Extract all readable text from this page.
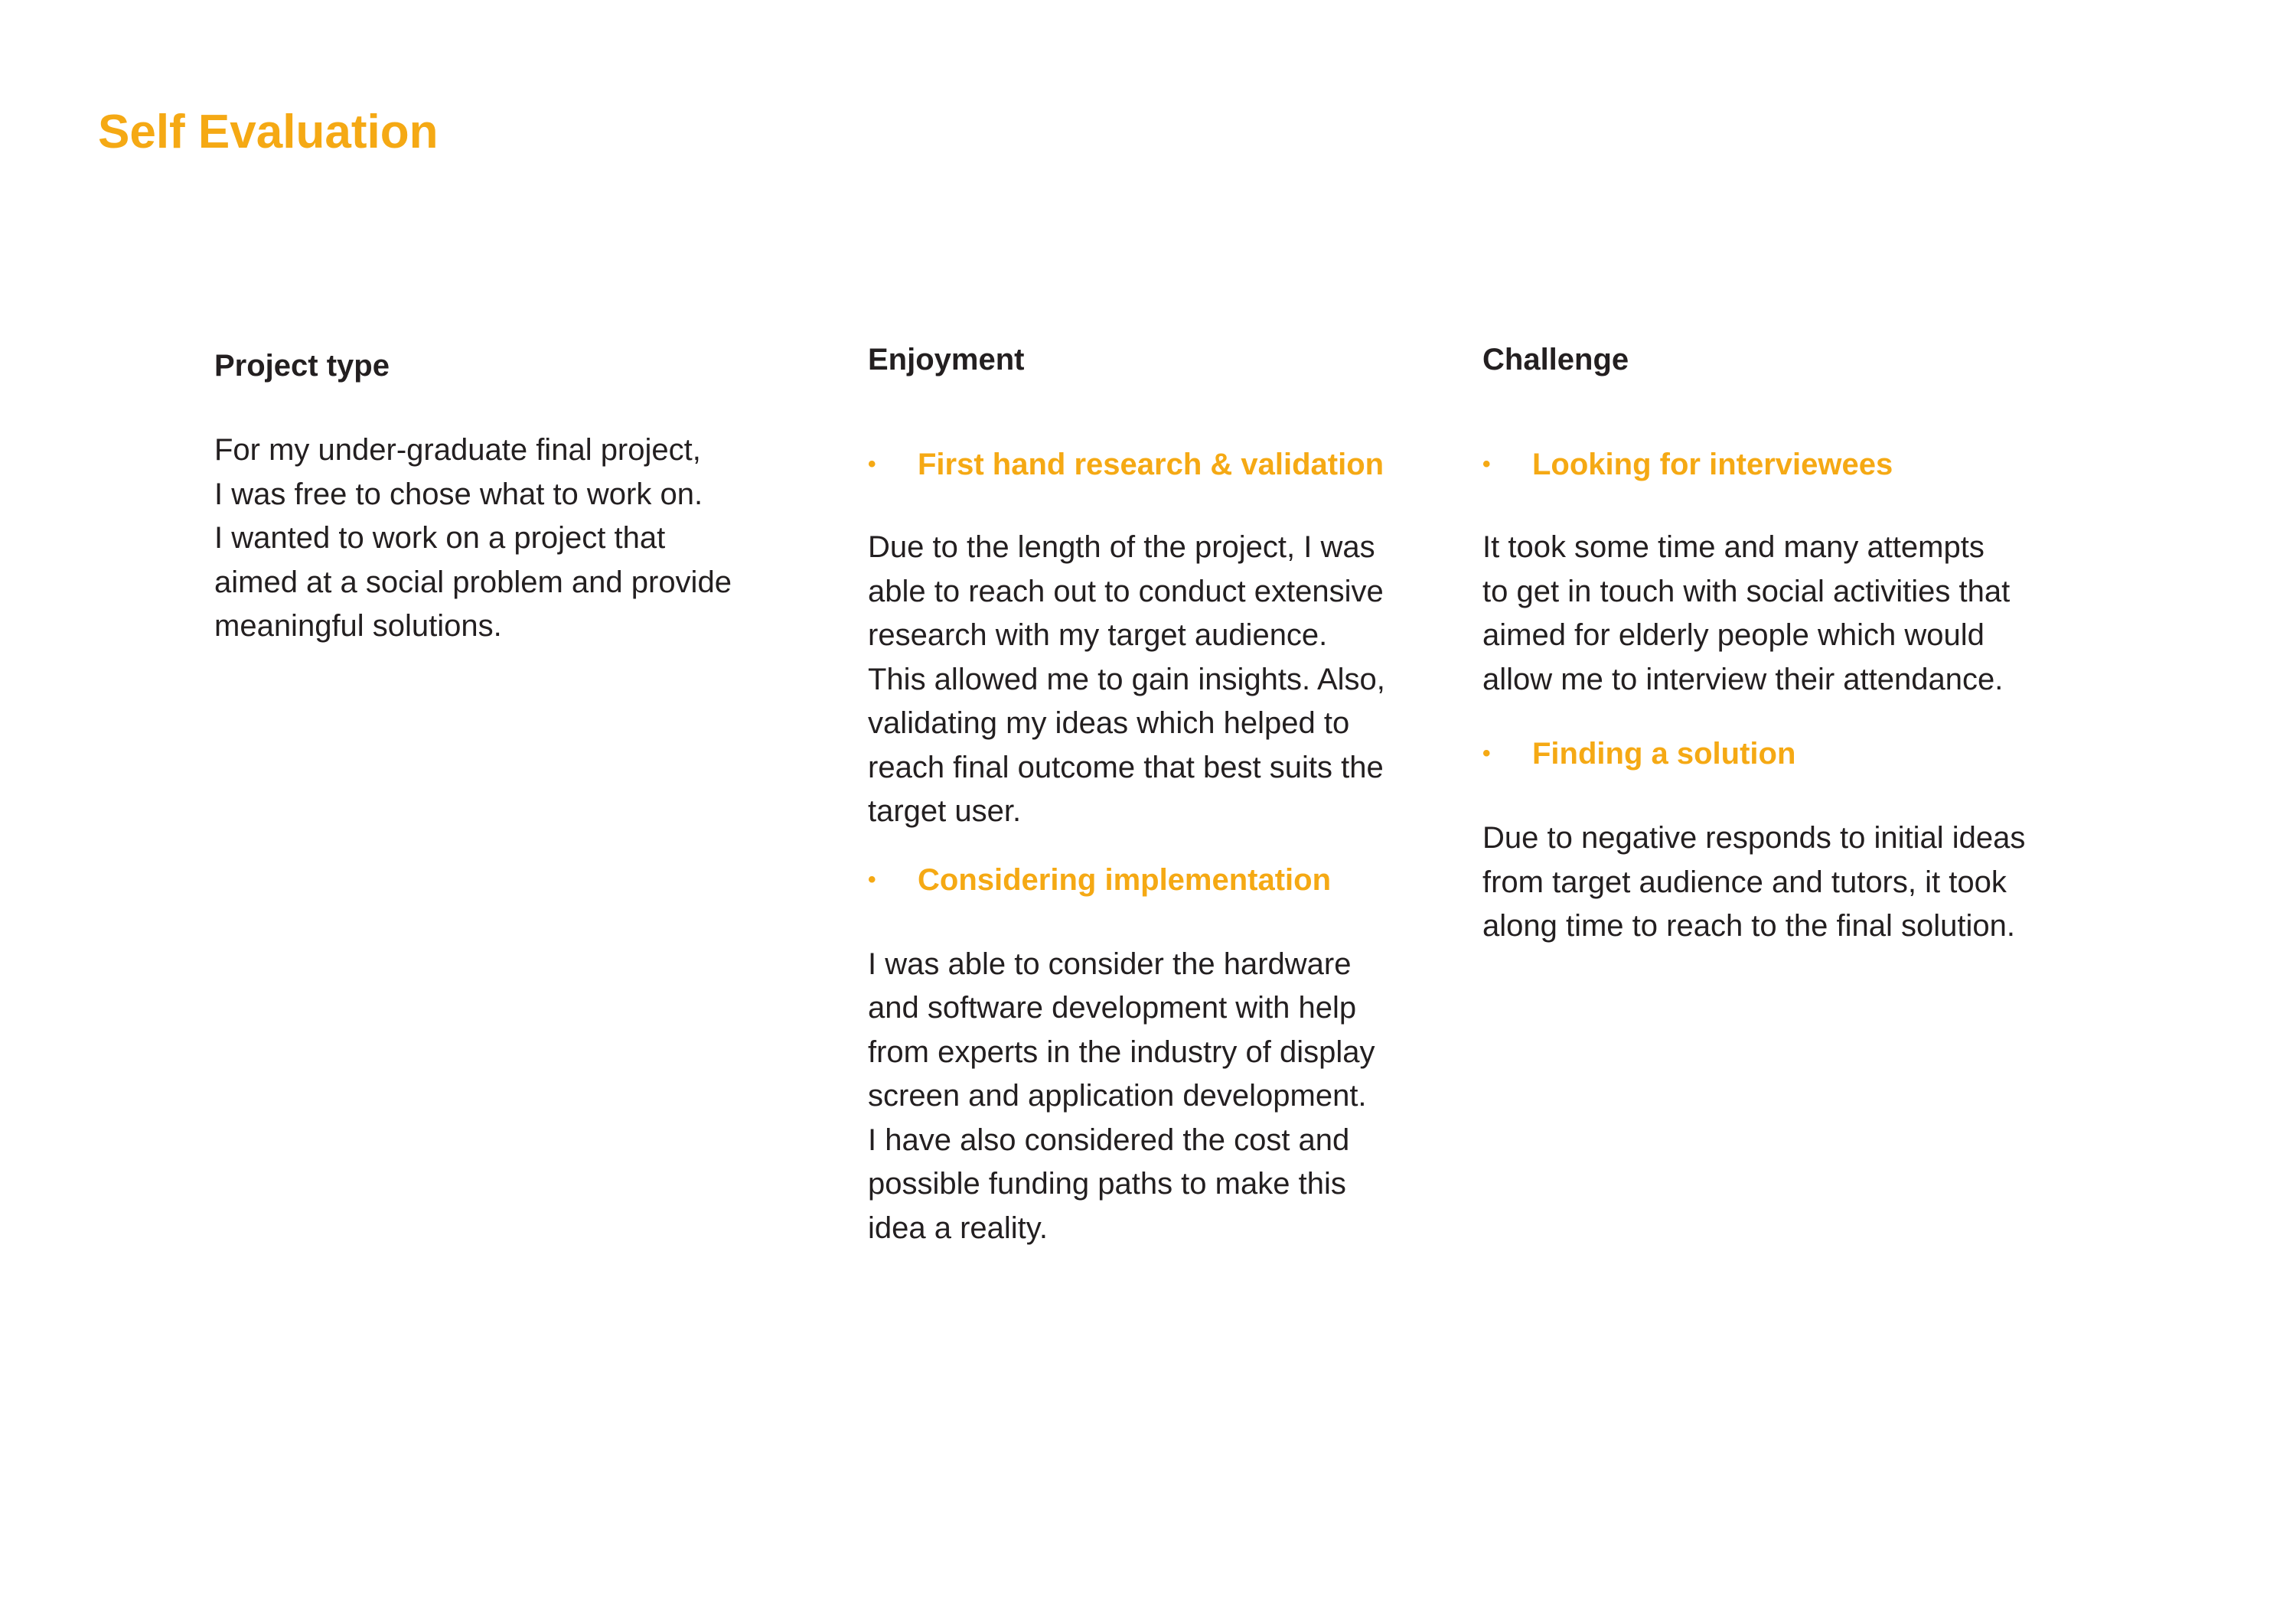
Self Evaluation
Project type

For my under-graduate final project,
I was free to chose what to work on.
I wanted to work on a project that
aimed at a social problem and provide
meaningful solutions.

Enjoyment
• First hand research & validation

Due to the length of the project, I was
able to reach out to conduct extensive
research with my target audience.
This allowed me to gain insights. Also,
validating my ideas which helped to
reach final outcome that best suits the
target user.

• Considering implementation

I was able to consider the hardware
and software development with help
from experts in the industry of display
screen and application development.
I have also considered the cost and
possible funding paths to make this
idea a reality.

Challenge
• Looking for interviewees

It took some time and many attempts
to get in touch with social activities that
aimed for elderly people which would
allow me to interview their attendance.

• Finding a solution

Due to negative responds to initial ideas
from target audience and tutors, it took
along time to reach to the final solution.
